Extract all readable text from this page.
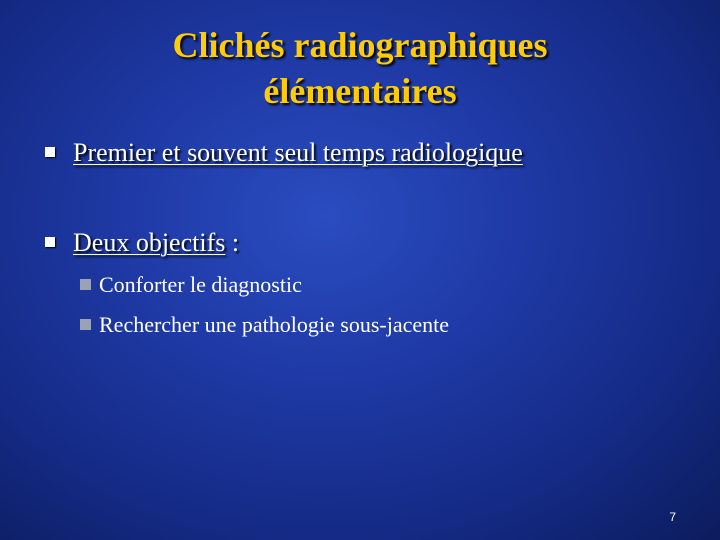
Clichés radiographiques
élémentaires
Premier et souvent seul temps radiologique
Deux objectifs :
Conforter le diagnostic
Rechercher une pathologie sous-jacente
7
